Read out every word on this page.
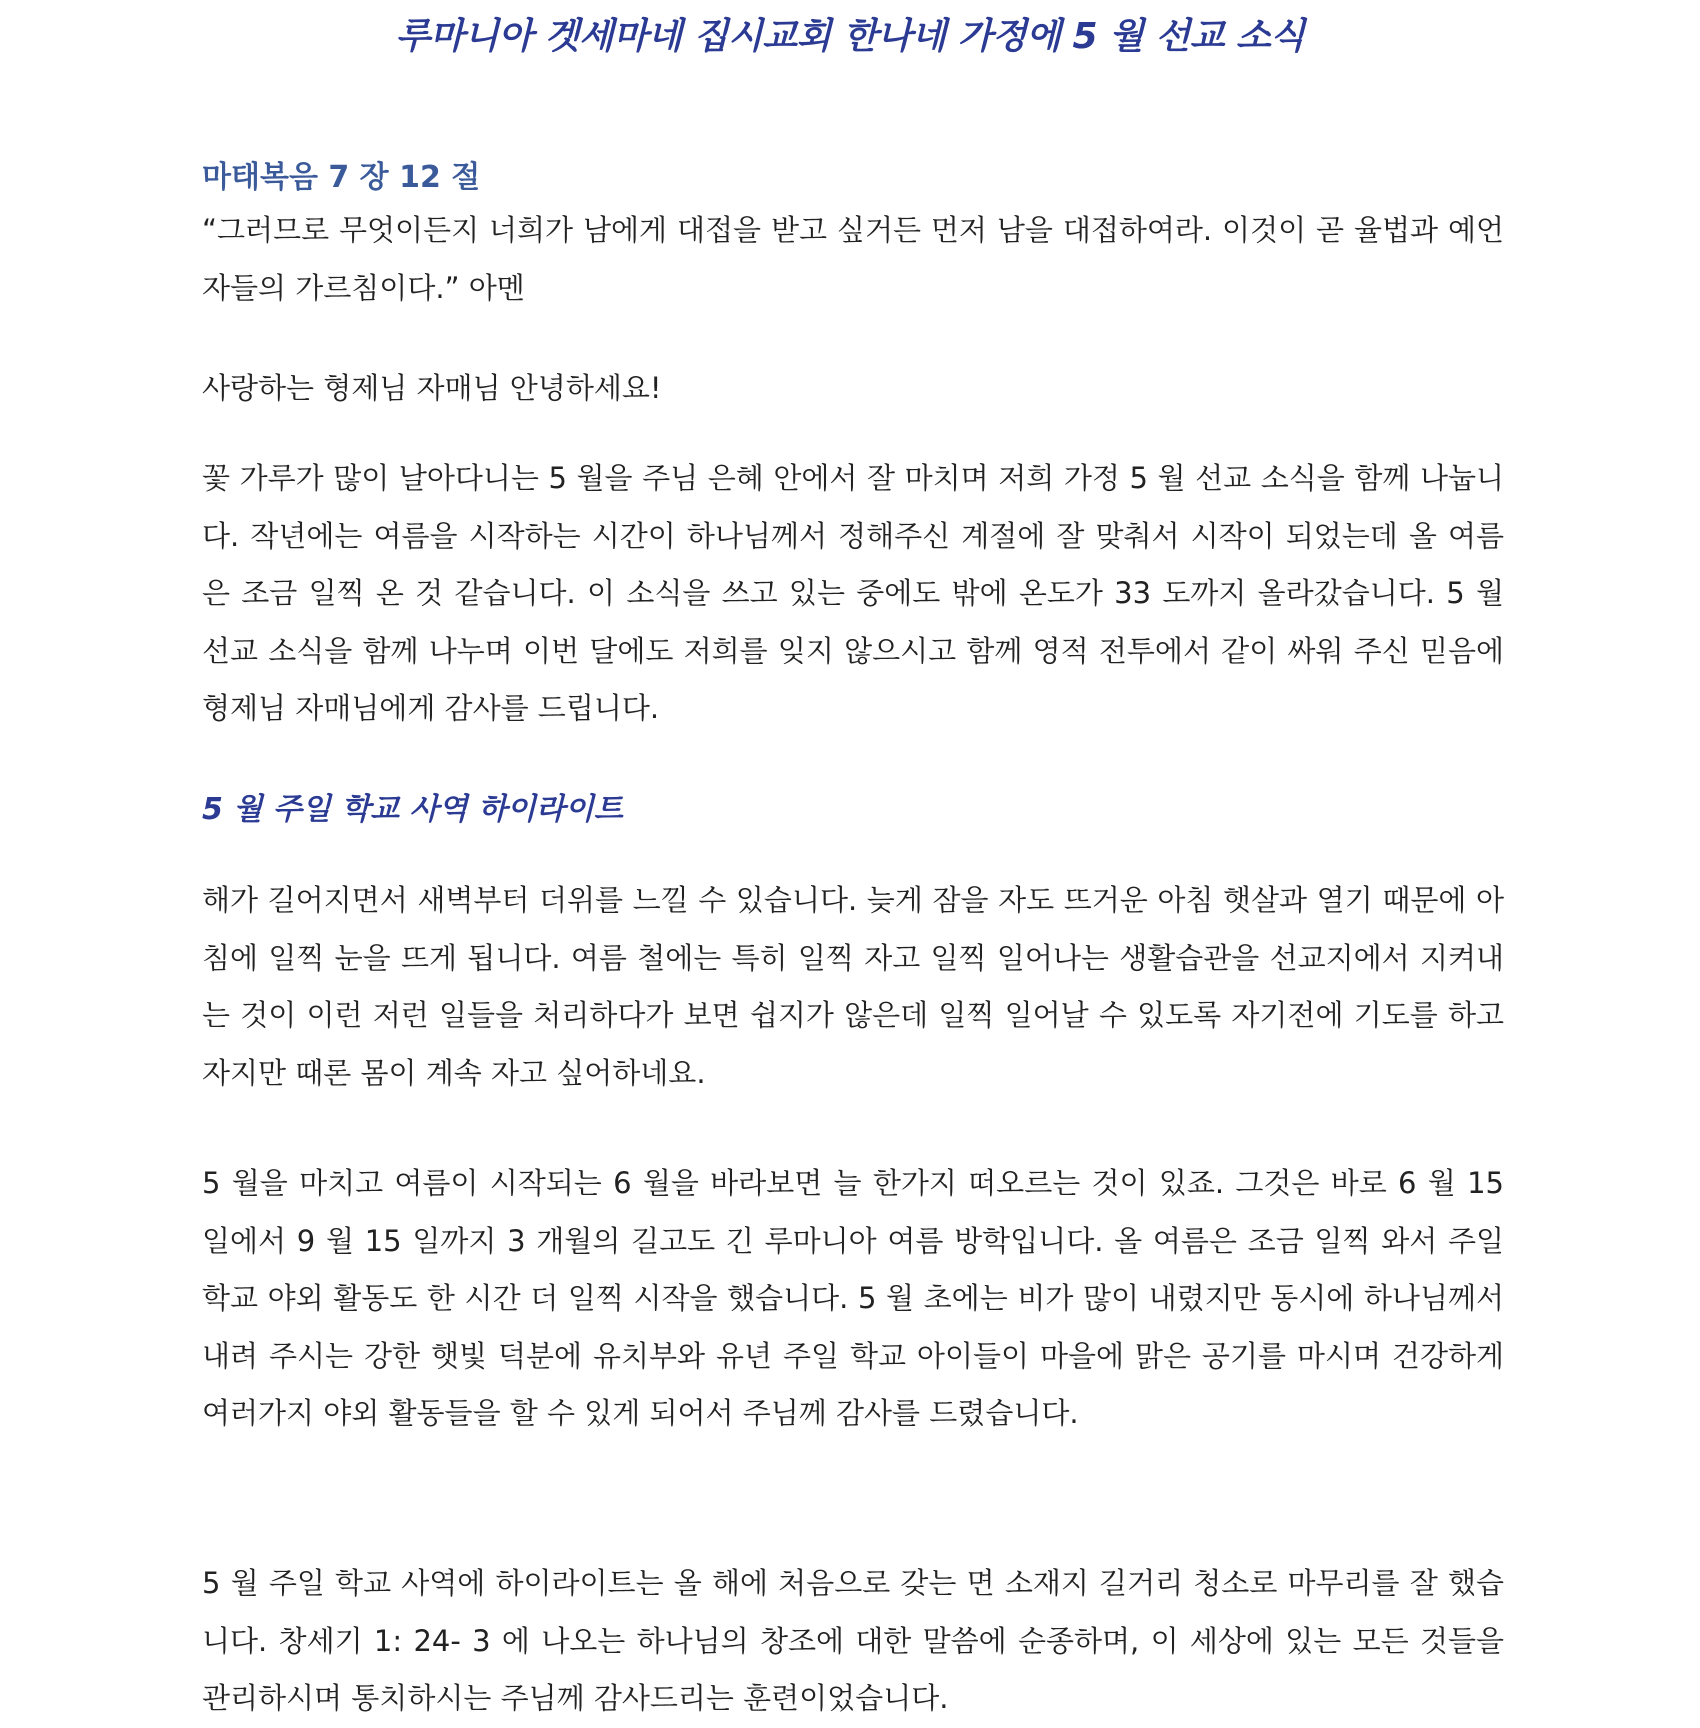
루마니아 겟세마네 집시교회 한나네 가정에 5 월 선교 소식
마태복음 7 장 12 절

“그러므로 무엇이든지 너희가 남에게 대접을 받고 싶거든 먼저 남을 대접하여라. 이것이 곧 율법과 예언자들의 가르침이다.” 아멘

사랑하는 형제님 자매님 안녕하세요!

꽃 가루가 많이 날아다니는 5 월을 주님 은혜 안에서 잘 마치며 저희 가정 5 월 선교 소식을 함께 나눕니다. 작년에는 여름을 시작하는 시간이 하나님께서 정해주신 계절에 잘 맞춰서 시작이 되었는데 올 여름은 조금 일찍 온 것 같습니다. 이 소식을 쓰고 있는 중에도 밖에 온도가 33 도까지 올라갔습니다. 5 월 선교 소식을 함께 나누며 이번 달에도 저희를 잊지 않으시고 함께 영적 전투에서 같이 싸워 주신 믿음에 형제님 자매님에게 감사를 드립니다.

5 월 주일 학교 사역 하이라이트

해가 길어지면서 새벽부터 더위를 느낄 수 있습니다. 늦게 잠을 자도 뜨거운 아침 햇살과 열기 때문에 아침에 일찍 눈을 뜨게 됩니다. 여름 철에는 특히 일찍 자고 일찍 일어나는 생활습관을 선교지에서 지켜내는 것이 이런 저런 일들을 처리하다가 보면 쉽지가 않은데 일찍 일어날 수 있도록 자기전에 기도를 하고 자지만 때론 몸이 계속 자고 싶어하네요.

5 월을 마치고 여름이 시작되는 6 월을 바라보면 늘 한가지 떠오르는 것이 있죠. 그것은 바로 6 월 15 일에서 9 월 15 일까지 3 개월의 길고도 긴 루마니아 여름 방학입니다. 올 여름은 조금 일찍 와서 주일 학교 야외 활동도 한 시간 더 일찍 시작을 했습니다. 5 월 초에는 비가 많이 내렸지만 동시에 하나님께서 내려 주시는 강한 햇빛 덕분에 유치부와 유년 주일 학교 아이들이 마을에 맑은 공기를 마시며 건강하게 여러가지 야외 활동들을 할 수 있게 되어서 주님께 감사를 드렸습니다.

5 월 주일 학교 사역에 하이라이트는 올 해에 처음으로 갖는 면 소재지 길거리 청소로 마무리를 잘 했습니다. 창세기 1: 24- 3 에 나오는 하나님의 창조에 대한 말씀에 순종하며, 이 세상에 있는 모든 것들을 관리하시며 통치하시는 주님께 감사드리는 훈련이었습니다.
